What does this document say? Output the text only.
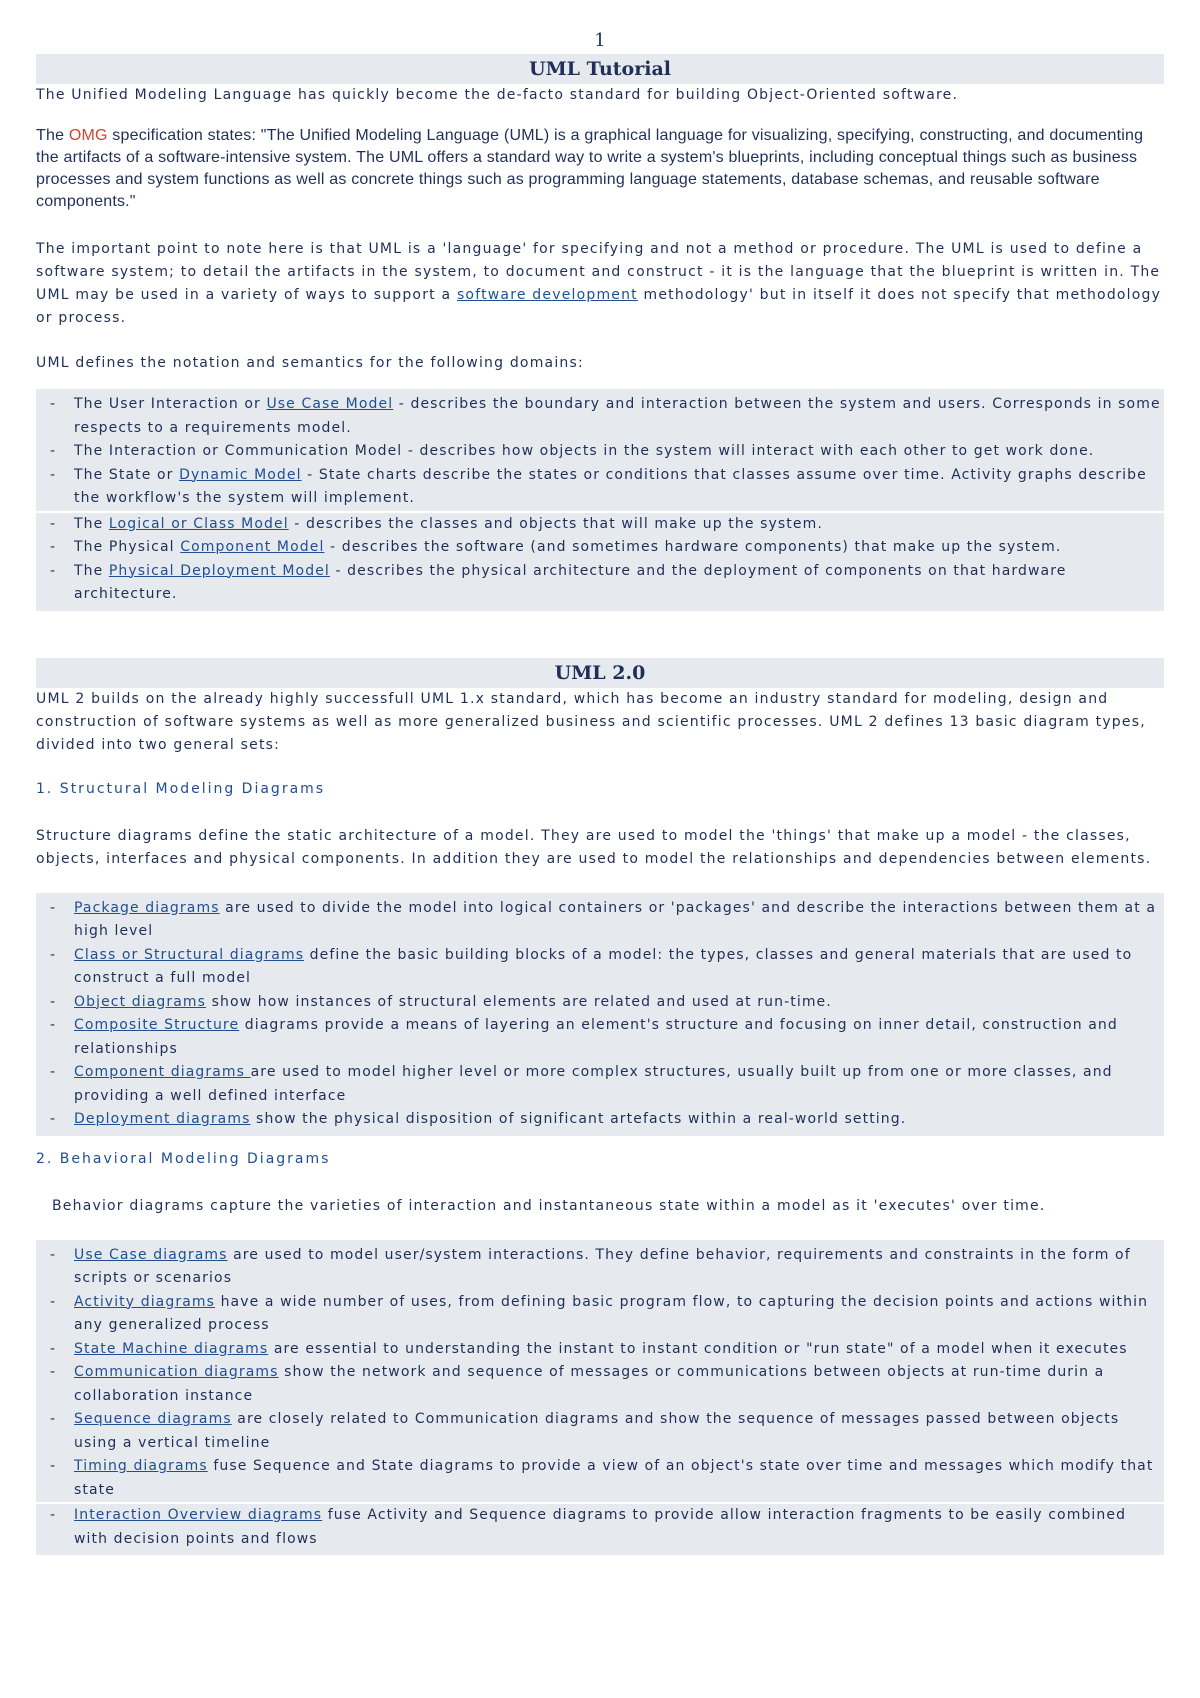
1
UML Tutorial

The Unified Modeling Language has quickly become the de-facto standard for building Object-Oriented software.

The OMG specification states: "The Unified Modeling Language (UML) is a graphical language for visualizing, specifying, constructing, and documenting the artifacts of a software-intensive system. The UML offers a standard way to write a system's blueprints, including conceptual things such as business processes and system functions as well as concrete things such as programming language statements, database schemas, and reusable software components."

The important point to note here is that UML is a 'language' for specifying and not a method or procedure. The UML is used to define a software system; to detail the artifacts in the system, to document and construct - it is the language that the blueprint is written in. The UML may be used in a variety of ways to support a software development methodology' but in itself it does not specify that methodology or process.

UML defines the notation and semantics for the following domains:

- The User Interaction or Use Case Model - describes the boundary and interaction between the system and users. Corresponds in some respects to a requirements model.
- The Interaction or Communication Model - describes how objects in the system will interact with each other to get work done.
- The State or Dynamic Model - State charts describe the states or conditions that classes assume over time. Activity graphs describe the workflow's the system will implement.
- The Logical or Class Model - describes the classes and objects that will make up the system.
- The Physical Component Model - describes the software (and sometimes hardware components) that make up the system.
- The Physical Deployment Model - describes the physical architecture and the deployment of components on that hardware architecture.
UML 2.0

UML 2 builds on the already highly successfull UML 1.x standard, which has become an industry standard for modeling, design and construction of software systems as well as more generalized business and scientific processes. UML 2 defines 13 basic diagram types, divided into two general sets:

1. Structural Modeling Diagrams

Structure diagrams define the static architecture of a model. They are used to model the 'things' that make up a model - the classes, objects, interfaces and physical components. In addition they are used to model the relationships and dependencies between elements.

- Package diagrams are used to divide the model into logical containers or 'packages' and describe the interactions between them at a high level
- Class or Structural diagrams define the basic building blocks of a model: the types, classes and general materials that are used to construct a full model
- Object diagrams show how instances of structural elements are related and used at run-time.
- Composite Structure diagrams provide a means of layering an element's structure and focusing on inner detail, construction and relationships
- Component diagrams are used to model higher level or more complex structures, usually built up from one or more classes, and providing a well defined interface
- Deployment diagrams show the physical disposition of significant artefacts within a real-world setting.

2. Behavioral Modeling Diagrams

Behavior diagrams capture the varieties of interaction and instantaneous state within a model as it 'executes' over time.

- Use Case diagrams are used to model user/system interactions. They define behavior, requirements and constraints in the form of scripts or scenarios
- Activity diagrams have a wide number of uses, from defining basic program flow, to capturing the decision points and actions within any generalized process
- State Machine diagrams are essential to understanding the instant to instant condition or "run state" of a model when it executes
- Communication diagrams show the network and sequence of messages or communications between objects at run-time durin a collaboration instance
- Sequence diagrams are closely related to Communication diagrams and show the sequence of messages passed between objects using a vertical timeline
- Timing diagrams fuse Sequence and State diagrams to provide a view of an object's state over time and messages which modify that state
- Interaction Overview diagrams fuse Activity and Sequence diagrams to provide allow interaction fragments to be easily combined with decision points and flows
